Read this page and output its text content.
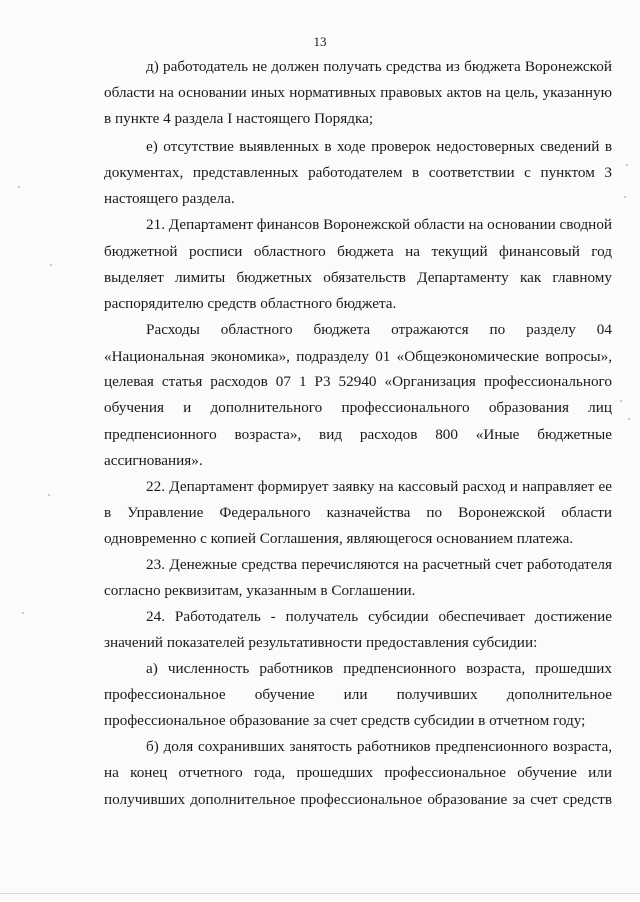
13
д) работодатель не должен получать средства из бюджета Воронежской
области на основании иных нормативных правовых актов на цель, указанную
в пункте 4 раздела I настоящего Порядка;
е) отсутствие выявленных в ходе проверок недостоверных сведений в
документах, представленных работодателем в соответствии с пунктом 3
настоящего раздела.
21. Департамент финансов Воронежской области на основании сводной
бюджетной росписи областного бюджета на текущий финансовый год
выделяет лимиты бюджетных обязательств Департаменту как главному
распорядителю средств областного бюджета.
Расходы областного бюджета отражаются по разделу 04
«Национальная экономика», подразделу 01 «Общеэкономические вопросы»,
целевая статья расходов 07 1 P3 52940 «Организация профессионального
обучения и дополнительного профессионального образования лиц
предпенсионного возраста», вид расходов 800 «Иные бюджетные
ассигнования».
22. Департамент формирует заявку на кассовый расход и направляет ее
в Управление Федерального казначейства по Воронежской области
одновременно с копией Соглашения, являющегося основанием платежа.
23. Денежные средства перечисляются на расчетный счет работодателя
согласно реквизитам, указанным в Соглашении.
24. Работодатель - получатель субсидии обеспечивает достижение
значений показателей результативности предоставления субсидии:
а) численность работников предпенсионного возраста, прошедших
профессиональное обучение или получивших дополнительное
профессиональное образование за счет средств субсидии в отчетном году;
б) доля сохранивших занятость работников предпенсионного возраста,
на конец отчетного года, прошедших профессиональное обучение или
получивших дополнительное профессиональное образование за счет средств
